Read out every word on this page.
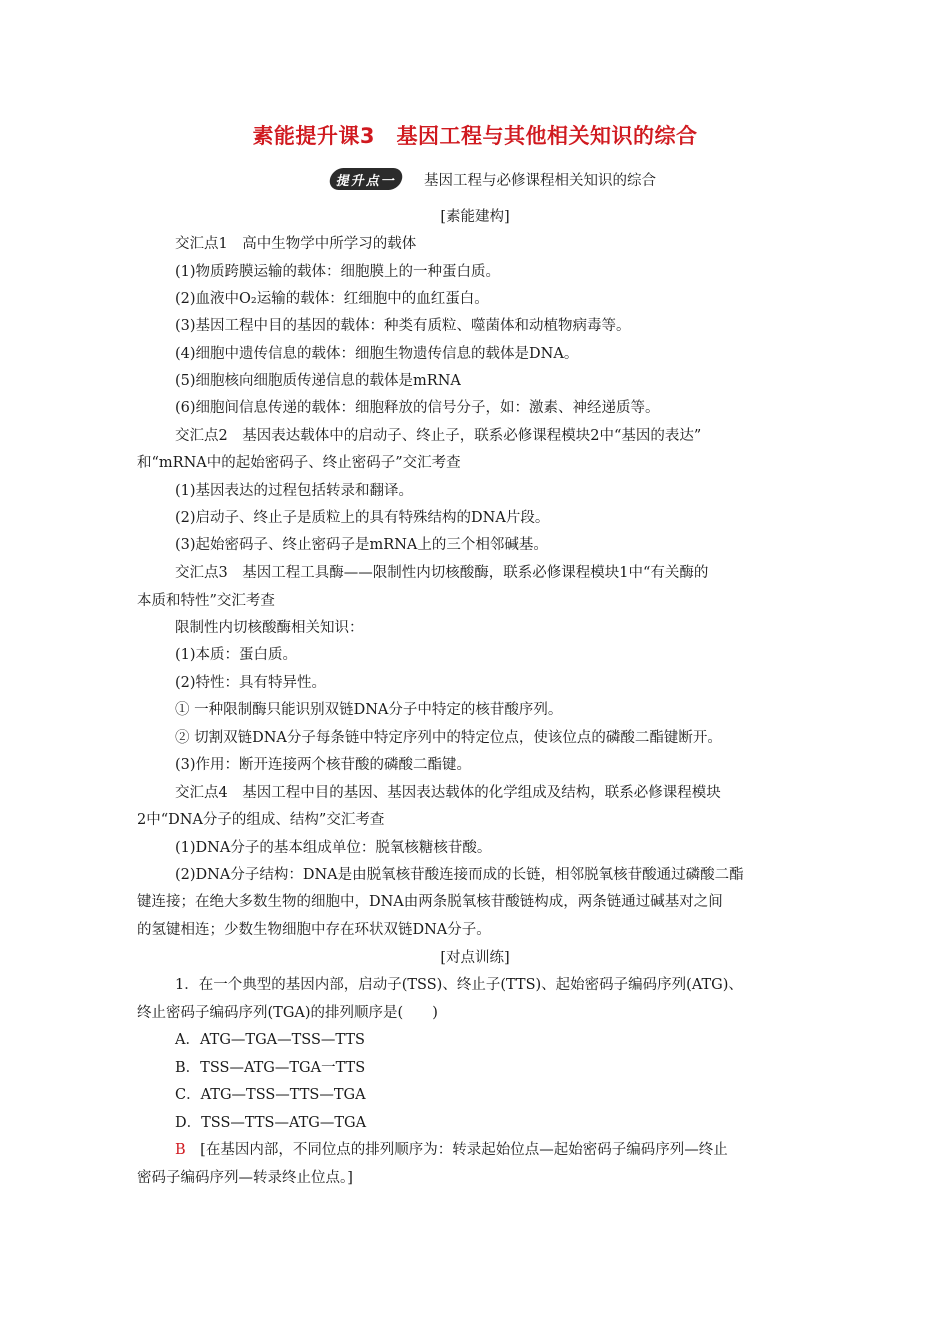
素能提升课3　基因工程与其他相关知识的综合
提
升
点
一 基因工程与必修课程相关知识的综合
[素能建构]
交汇点1　高中生物学中所学习的载体
(1)物质跨膜运输的载体：细胞膜上的一种蛋白质。
(2)血液中O₂运输的载体：红细胞中的血红蛋白。
(3)基因工程中目的基因的载体：种类有质粒、噬菌体和动植物病毒等。
(4)细胞中遗传信息的载体：细胞生物遗传信息的载体是DNA。
(5)细胞核向细胞质传递信息的载体是mRNA
(6)细胞间信息传递的载体：细胞释放的信号分子，如：激素、神经递质等。
交汇点2　基因表达载体中的启动子、终止子，联系必修课程模块2中“基因的表达”
和“mRNA中的起始密码子、终止密码子”交汇考查
(1)基因表达的过程包括转录和翻译。
(2)启动子、终止子是质粒上的具有特殊结构的DNA片段。
(3)起始密码子、终止密码子是mRNA上的三个相邻碱基。
交汇点3　基因工程工具酶——限制性内切核酸酶，联系必修课程模块1中“有关酶的
本质和特性”交汇考查
限制性内切核酸酶相关知识：
(1)本质：蛋白质。
(2)特性：具有特异性。
① 一种限制酶只能识别双链DNA分子中特定的核苷酸序列。
② 切割双链DNA分子每条链中特定序列中的特定位点，使该位点的磷酸二酯键断开。
(3)作用：断开连接两个核苷酸的磷酸二酯键。
交汇点4　基因工程中目的基因、基因表达载体的化学组成及结构，联系必修课程模块
2中“DNA分子的组成、结构”交汇考查
(1)DNA分子的基本组成单位：脱氧核糖核苷酸。
(2)DNA分子结构：DNA是由脱氧核苷酸连接而成的长链，相邻脱氧核苷酸通过磷酸二酯
键连接；在绝大多数生物的细胞中，DNA由两条脱氧核苷酸链构成，两条链通过碱基对之间
的氢键相连；少数生物细胞中存在环状双链DNA分子。
[对点训练]
1．在一个典型的基因内部，启动子(TSS)、终止子(TTS)、起始密码子编码序列(ATG)、
终止密码子编码序列(TGA)的排列顺序是(　　)
A．ATG—TGA—TSS—TTS
B．TSS—ATG—TGA一TTS
C．ATG—TSS—TTS—TGA
D．TSS—TTS—ATG—TGA
B　 [在基因内部，不同位点的排列顺序为：转录起始位点—起始密码子编码序列—终止
密码子编码序列—转录终止位点。]
